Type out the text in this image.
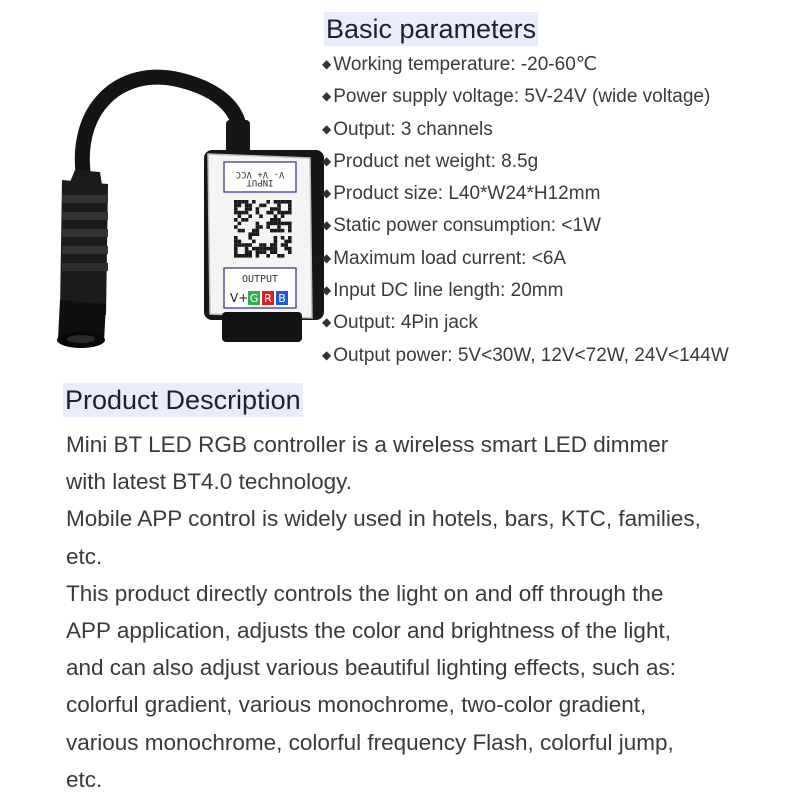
V- V+ VCC
INPUT
OUTPUT
V+ G R B
Basic parameters
◆ Working temperature: -20-60℃
◆ Power supply voltage: 5V-24V (wide voltage)
◆ Output: 3 channels
◆ Product net weight: 8.5g
◆ Product size: L40*W24*H12mm
◆ Static power consumption: <1W
◆ Maximum load current: <6A
◆ Input DC line length: 20mm
◆ Output: 4Pin jack
◆ Output power: 5V<30W, 12V<72W, 24V<144W
Product Description

Mini BT LED RGB controller is a wireless smart LED dimmer

with latest BT4.0 technology.

Mobile APP control is widely used in hotels, bars, KTC, families,

etc.

This product directly controls the light on and off through the

APP application, adjusts the color and brightness of the light,

and can also adjust various beautiful lighting effects, such as:

colorful gradient, various monochrome, two-color gradient,

various monochrome, colorful frequency Flash, colorful jump,

etc.
